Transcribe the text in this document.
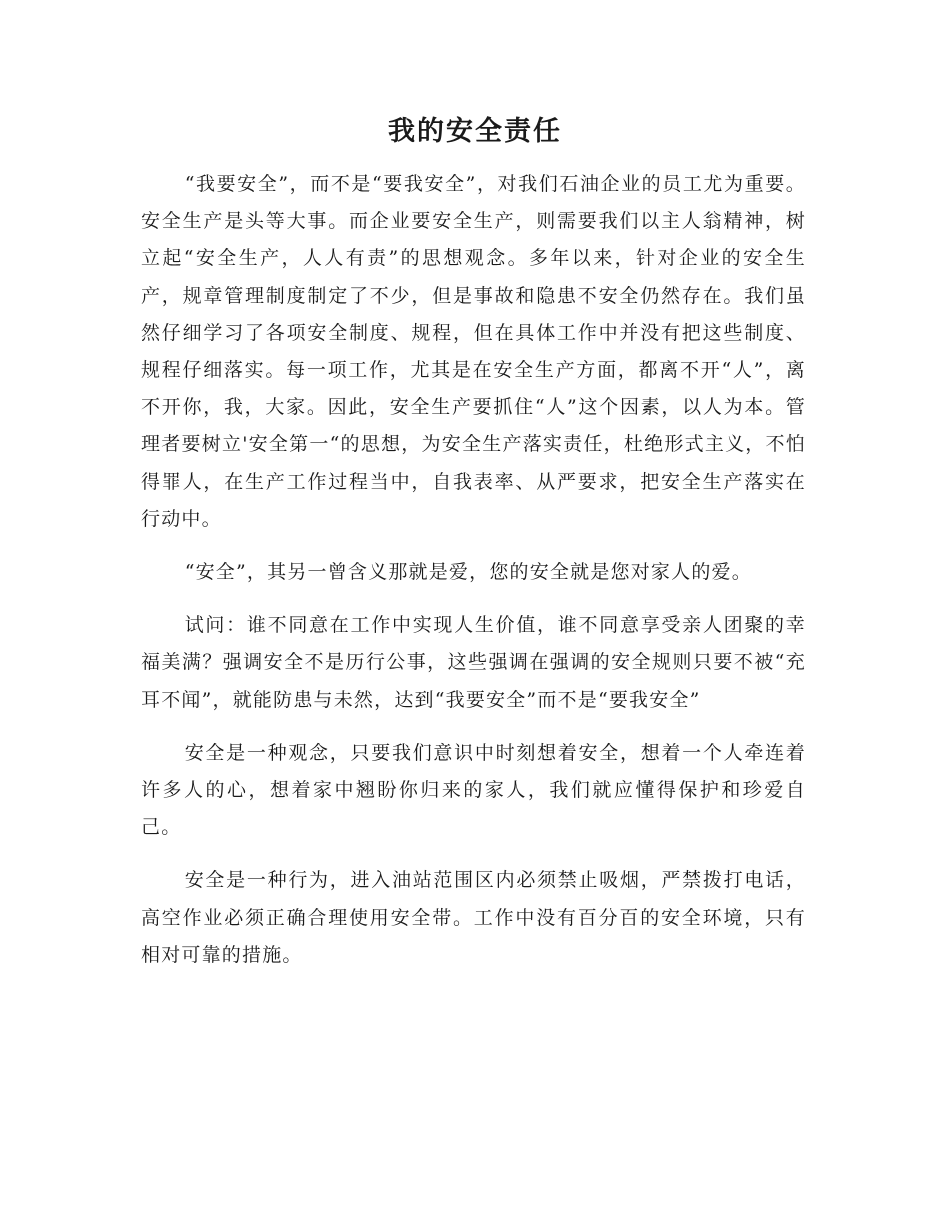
我的安全责任

“我要安全”，而不是“要我安全”，对我们石油企业的员工尤为重要。安全生产是头等大事。而企业要安全生产，则需要我们以主人翁精神，树立起“安全生产，人人有责”的思想观念。多年以来，针对企业的安全生产，规章管理制度制定了不少，但是事故和隐患不安全仍然存在。我们虽然仔细学习了各项安全制度、规程，但在具体工作中并没有把这些制度、规程仔细落实。每一项工作，尤其是在安全生产方面，都离不开“人”，离不开你，我，大家。因此，安全生产要抓住“人”这个因素，以人为本。管理者要树立'安全第一“的思想，为安全生产落实责任，杜绝形式主义，不怕得罪人，在生产工作过程当中，自我表率、从严要求，把安全生产落实在行动中。

“安全”，其另一曾含义那就是爱，您的安全就是您对家人的爱。

试问：谁不同意在工作中实现人生价值，谁不同意享受亲人团聚的幸福美满？强调安全不是历行公事，这些强调在强调的安全规则只要不被“充耳不闻”，就能防患与未然，达到“我要安全”而不是“要我安全”

安全是一种观念，只要我们意识中时刻想着安全，想着一个人牵连着许多人的心，想着家中翘盼你归来的家人，我们就应懂得保护和珍爱自己。

安全是一种行为，进入油站范围区内必须禁止吸烟，严禁拨打电话，高空作业必须正确合理使用安全带。工作中没有百分百的安全环境，只有相对可靠的措施。
